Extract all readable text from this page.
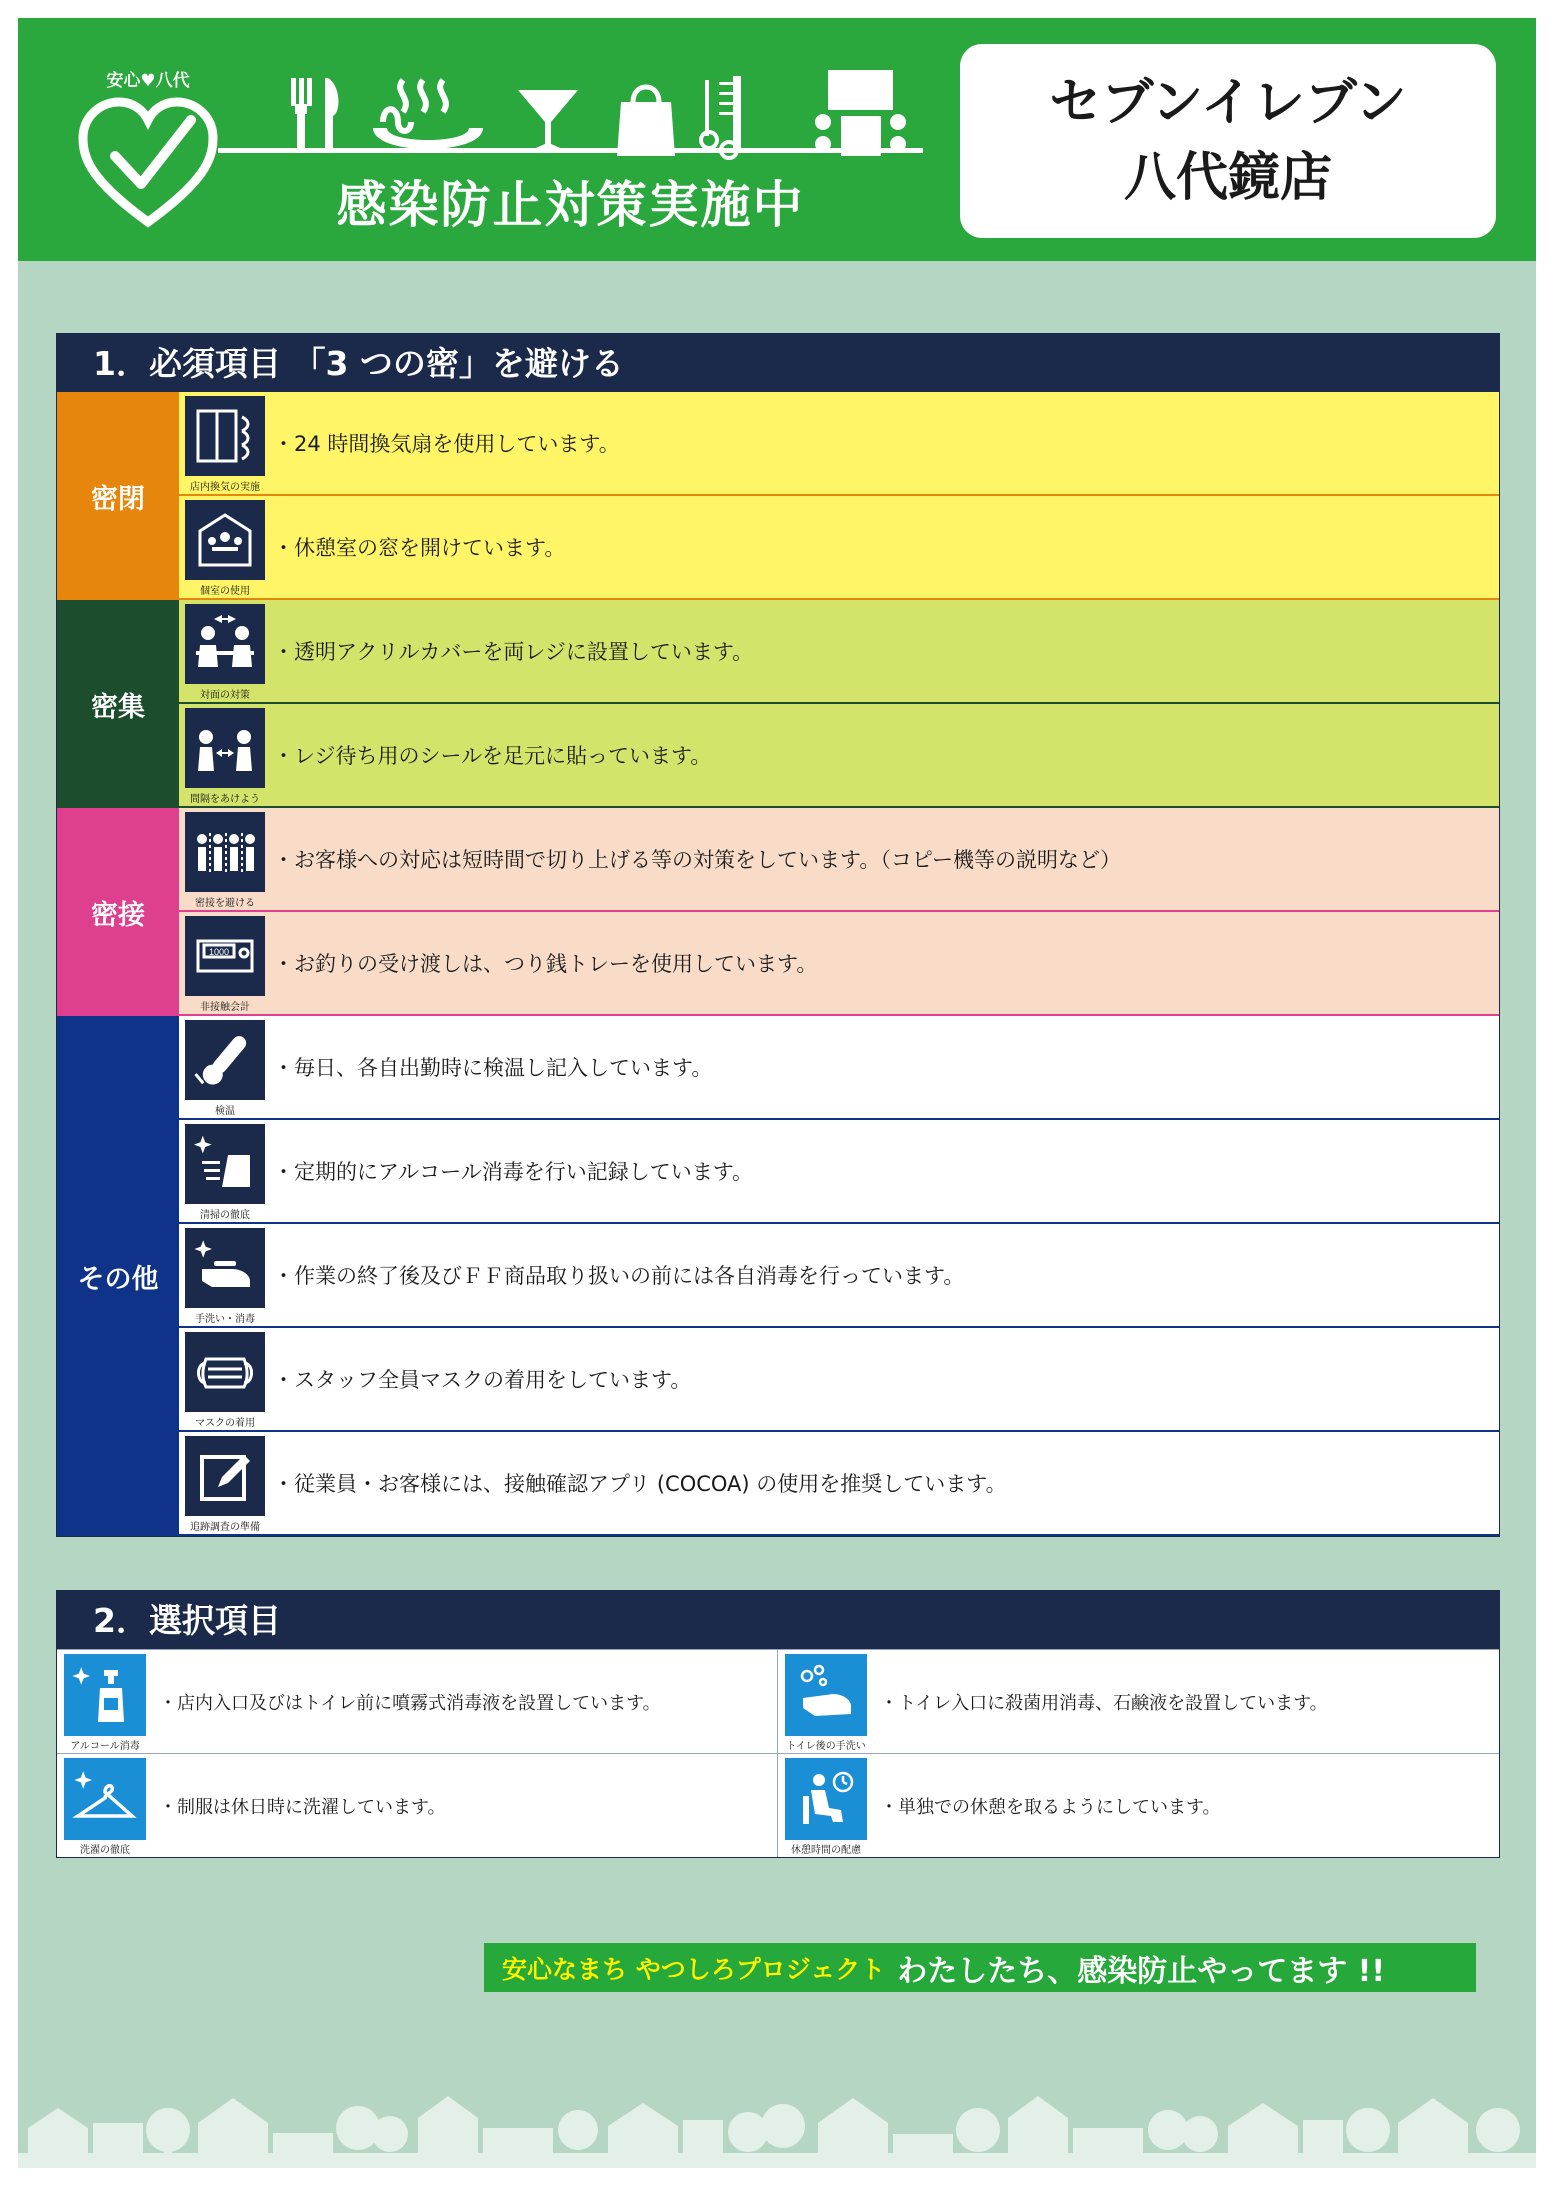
安心♥八代
感染防止対策実施中
セブンイレブン
八代鏡店
1．必須項目 「3 つの密」を避ける
密閉	店内換気の実施
・24 時間換気扇を使用しています。
個室の使用
・休憩室の窓を開けています。
密集	対面の対策
・透明アクリルカバーを両レジに設置しています。
間隔をあけよう
・レジ待ち用のシールを足元に貼っています。
密接	密接を避ける
・お客様への対応は短時間で切り上げる等の対策をしています。（コピー機等の説明など）
1000
非接触会計
・お釣りの受け渡しは、つり銭トレーを使用しています。
その他
検温
・毎日、各自出勤時に検温し記入しています。
清掃の徹底
・定期的にアルコール消毒を行い記録しています。
手洗い・消毒
・作業の終了後及びＦＦ商品取り扱いの前には各自消毒を行っています。
マスクの着用
・スタッフ全員マスクの着用をしています。
追跡調査の準備
・従業員・お客様には、接触確認アプリ (COCOA) の使用を推奨しています。
2．選択項目
アルコール消毒
・店内入口及びはトイレ前に噴霧式消毒液を設置しています。
トイレ後の手洗い
・トイレ入口に殺菌用消毒、石鹸液を設置しています。
洗濯の徹底
・制服は休日時に洗濯しています。
休憩時間の配慮
・単独での休憩を取るようにしています。
安心なまち やつしろプロジェクト わたしたち、感染防止やってます !!
